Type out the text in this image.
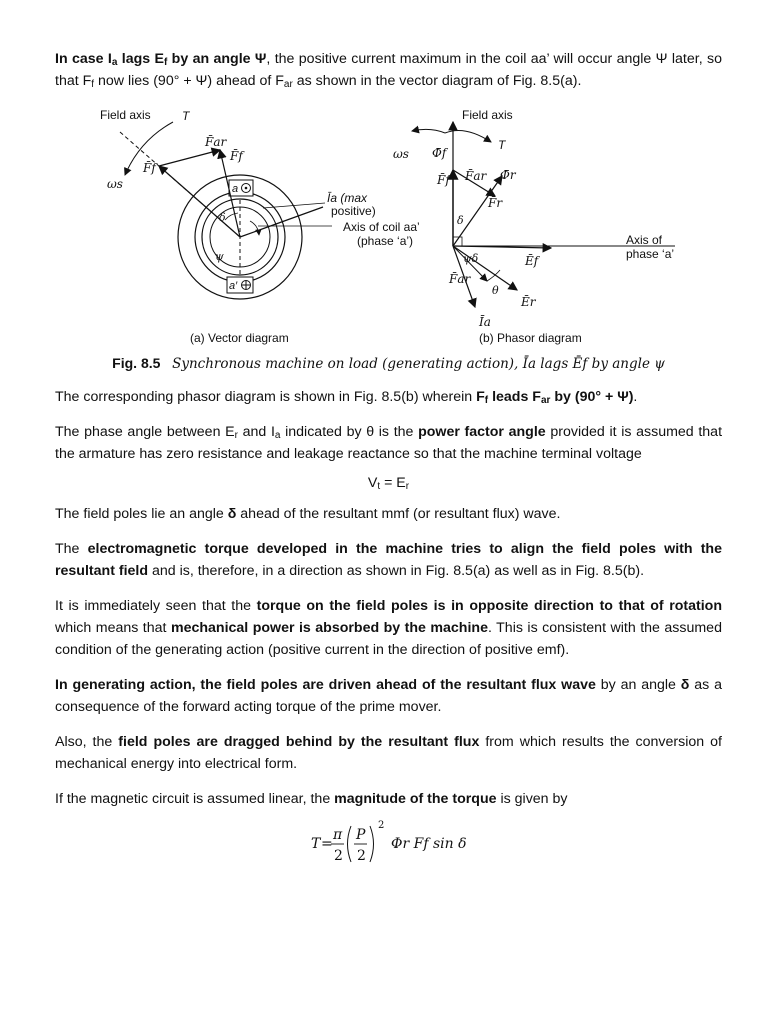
In case $I_a$ lags $E_f$ by an angle Ψ, the positive current maximum in the coil aa’ will occur angle Ψ later, so that $F_f$ now lies (90° + Ψ) ahead of $F_{ar}$ as shown in the vector diagram of Fig. 8.5(a).

Field axis	T
ωs	a
a′
F̄ar
F̄f
F̄f
δ
ψ
Īa (max
positive)
Axis of coil aa’
(phase ‘a’)
(a) Vector diagram
Field axis
T
ωs Φ̄f
F̄f F̄ar Φ̄r
F̄r
δ
ψδ	Ēf
Axis of
phase ‘a’
F̄ar
θ
Ēr
Īa
(b) Phasor diagram
Fig. 8.5 Synchronous machine on load (generating action), Īa lags Ēf by angle ψ

The corresponding phasor diagram is shown in Fig. 8.5(b) wherein $F_f$ leads $F_{ar}$ by (90° + Ψ).

The phase angle between $E_r$ and $I_a$ indicated by θ is the power factor angle provided it is assumed that the armature has zero resistance and leakage reactance so that the machine terminal voltage

$V_t = E_r$

The field poles lie an angle δ ahead of the resultant mmf (or resultant flux) wave.

The electromagnetic torque developed in the machine tries to align the field poles with the resultant field and is, therefore, in a direction as shown in Fig. 8.5(a) as well as in Fig. 8.5(b).

It is immediately seen that the torque on the field poles is in opposite direction to that of rotation which means that mechanical power is absorbed by the machine. This is consistent with the assumed condition of the generating action (positive current in the direction of positive emf).

In generating action, the field poles are driven ahead of the resultant flux wave by an angle δ as a consequence of the forward acting torque of the prime mover.

Also, the field poles are dragged behind by the resultant flux from which results the conversion of mechanical energy into electrical form.

If the magnetic circuit is assumed linear, the magnitude of the torque is given by

T =
π
2
P
2
2
Φr Ff sin δ
